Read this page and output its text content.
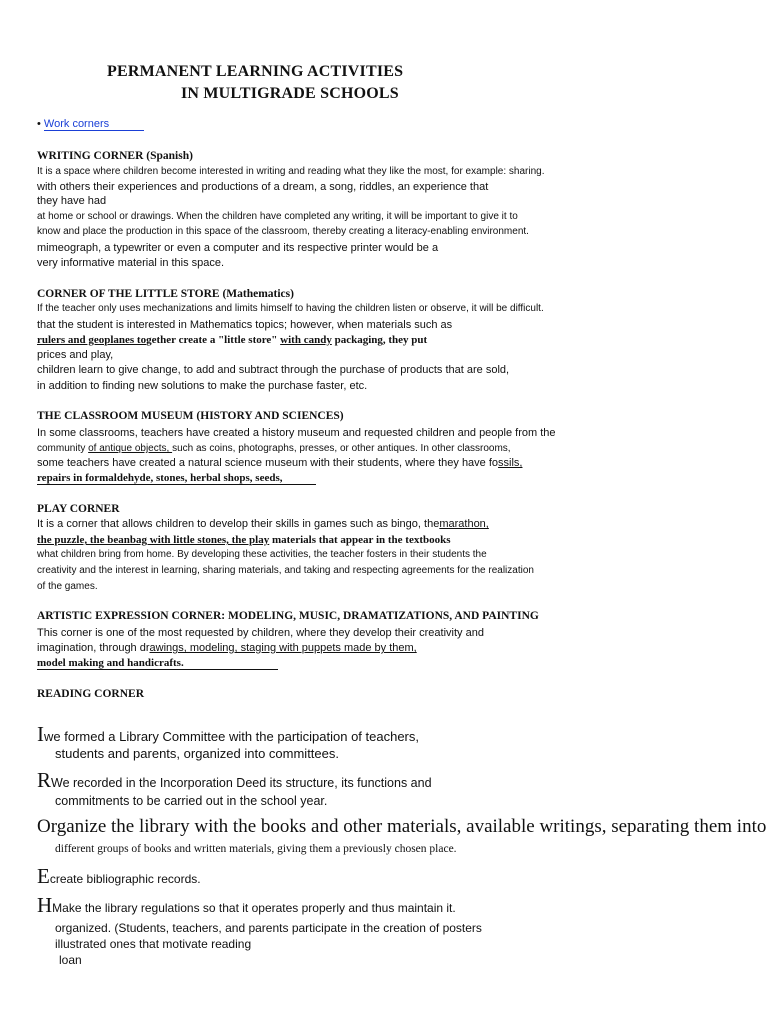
PERMANENT LEARNING ACTIVITIES
IN MULTIGRADE SCHOOLS
• Work corners
WRITING CORNER (Spanish)
It is a space where children become interested in writing and reading what they like the most, for example: sharing.
with others their experiences and productions of a dream, a song, riddles, an experience that
they have had
at home or school or drawings. When the children have completed any writing, it will be important to give it to
know and place the production in this space of the classroom, thereby creating a literacy-enabling environment.
mimeograph, a typewriter or even a computer and its respective printer would be a
very informative material in this space.
CORNER OF THE LITTLE STORE (Mathematics)
If the teacher only uses mechanizations and limits himself to having the children listen or observe, it will be difficult.
that the student is interested in Mathematics topics; however, when materials such as
rulers and geoplanes together create a "little store" with candy packaging, they put
prices and play,
children learn to give change, to add and subtract through the purchase of products that are sold,
in addition to finding new solutions to make the purchase faster, etc.
THE CLASSROOM MUSEUM (HISTORY AND SCIENCES)
In some classrooms, teachers have created a history museum and requested children and people from the
community of antique objects, such as coins, photographs, presses, or other antiques. In other classrooms,
some teachers have created a natural science museum with their students, where they have fossils,
repairs in formaldehyde, stones, herbal shops, seeds,
PLAY CORNER
It is a corner that allows children to develop their skills in games such as bingo, themarathon,
the puzzle, the beanbag with little stones, the play materials that appear in the textbooks
what children bring from home. By developing these activities, the teacher fosters in their students the
creativity and the interest in learning, sharing materials, and taking and respecting agreements for the realization
of the games.
ARTISTIC EXPRESSION CORNER: MODELING, MUSIC, DRAMATIZATIONS, AND PAINTING
This corner is one of the most requested by children, where they develop their creativity and
imagination, through drawings, modeling, staging with puppets made by them,
model making and handicrafts.
READING CORNER
Iwe formed a Library Committee with the participation of teachers,
students and parents, organized into committees.
RWe recorded in the Incorporation Deed its structure, its functions and
commitments to be carried out in the school year.
Organize the library with the books and other materials, available writings, separating them into
different groups of books and written materials, giving them a previously chosen place.
Ecreate bibliographic records.
HMake the library regulations so that it operates properly and thus maintain it.
organized. (Students, teachers, and parents participate in the creation of posters
illustrated ones that motivate reading
loan
